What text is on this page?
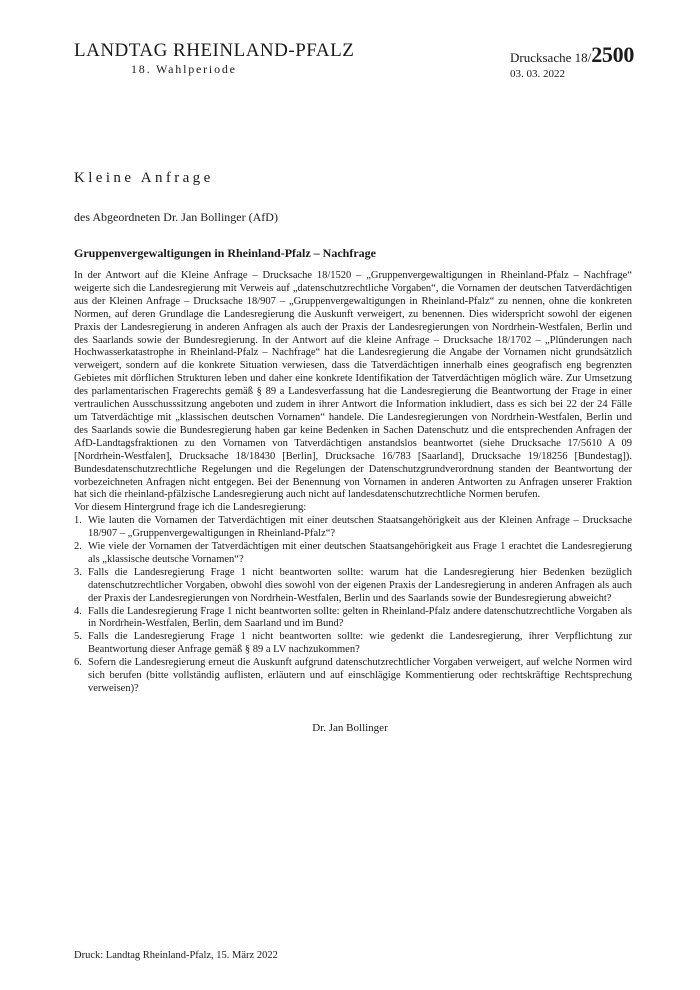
LANDTAG RHEINLAND-PFALZ
18. Wahlperiode
Drucksache 18/2500
03. 03. 2022
Kleine Anfrage
des Abgeordneten Dr. Jan Bollinger (AfD)
Gruppenvergewaltigungen in Rheinland-Pfalz – Nachfrage

In der Antwort auf die Kleine Anfrage – Drucksache 18/1520 – „Gruppenvergewaltigungen in Rheinland-Pfalz – Nachfrage“ weigerte sich die Landesregierung mit Verweis auf „datenschutzrechtliche Vorgaben“, die Vornamen der deutschen Tatverdächtigen aus der Kleinen Anfrage – Drucksache 18/907 – „Gruppenvergewaltigungen in Rheinland-Pfalz“ zu nennen, ohne die konkreten Normen, auf deren Grundlage die Landesregierung die Auskunft verweigert, zu benennen. Dies widerspricht sowohl der eigenen Praxis der Landesregierung in anderen Anfragen als auch der Praxis der Landesregierungen von Nordrhein-Westfalen, Berlin und des Saarlands sowie der Bundesregierung. In der Antwort auf die kleine Anfrage – Drucksache 18/1702 – „Plünderungen nach Hochwasserkatastrophe in Rheinland-Pfalz – Nachfrage“ hat die Landesregierung die Angabe der Vornamen nicht grundsätzlich verweigert, sondern auf die konkrete Situation verwiesen, dass die Tatverdächtigen innerhalb eines geografisch eng begrenzten Gebietes mit dörflichen Strukturen leben und daher eine konkrete Identifikation der Tatverdächtigen möglich wäre. Zur Umsetzung des parlamentarischen Fragerechts gemäß § 89 a Landesverfassung hat die Landesregierung die Beantwortung der Frage in einer vertraulichen Ausschusssitzung angeboten und zudem in ihrer Antwort die Information inkludiert, dass es sich bei 22 der 24 Fälle um Tatverdächtige mit „klassischen deutschen Vornamen“ handele. Die Landesregierungen von Nordrhein-Westfalen, Berlin und des Saarlands sowie die Bundesregierung haben gar keine Bedenken in Sachen Datenschutz und die entsprechenden Anfragen der AfD-Landtagsfraktionen zu den Vornamen von Tatverdächtigen anstandslos beantwortet (siehe Drucksache 17/5610 A 09 [Nordrhein-Westfalen], Drucksache 18/18430 [Berlin], Drucksache 16/783 [Saarland], Drucksache 19/18256 [Bundestag]). Bundesdatenschutzrechtliche Regelungen und die Regelungen der Datenschutzgrundverordnung standen der Beantwortung der vorbezeichneten Anfragen nicht entgegen. Bei der Benennung von Vornamen in anderen Antworten zu Anfragen unserer Fraktion hat sich die rheinland-pfälzische Landesregierung auch nicht auf landesdatenschutzrechtliche Normen berufen.

Vor diesem Hintergrund frage ich die Landesregierung:

1. Wie lauten die Vornamen der Tatverdächtigen mit einer deutschen Staatsangehörigkeit aus der Kleinen Anfrage – Drucksache 18/907 – „Gruppenvergewaltigungen in Rheinland-Pfalz“?
2. Wie viele der Vornamen der Tatverdächtigen mit einer deutschen Staatsangehörigkeit aus Frage 1 erachtet die Landesregierung als „klassische deutsche Vornamen“?
3. Falls die Landesregierung Frage 1 nicht beantworten sollte: warum hat die Landesregierung hier Bedenken bezüglich datenschutzrechtlicher Vorgaben, obwohl dies sowohl von der eigenen Praxis der Landesregierung in anderen Anfragen als auch der Praxis der Landesregierungen von Nordrhein-Westfalen, Berlin und des Saarlands sowie der Bundesregierung abweicht?
4. Falls die Landesregierung Frage 1 nicht beantworten sollte: gelten in Rheinland-Pfalz andere datenschutzrechtliche Vorgaben als in Nordrhein-Westfalen, Berlin, dem Saarland und im Bund?
5. Falls die Landesregierung Frage 1 nicht beantworten sollte: wie gedenkt die Landesregierung, ihrer Verpflichtung zur Beantwortung dieser Anfrage gemäß § 89 a LV nachzukommen?
6. Sofern die Landesregierung erneut die Auskunft aufgrund datenschutzrechtlicher Vorgaben verweigert, auf welche Normen wird sich berufen (bitte vollständig auflisten, erläutern und auf einschlägige Kommentierung oder rechtskräftige Rechtsprechung verweisen)?
Dr. Jan Bollinger
Druck: Landtag Rheinland-Pfalz, 15. März 2022
